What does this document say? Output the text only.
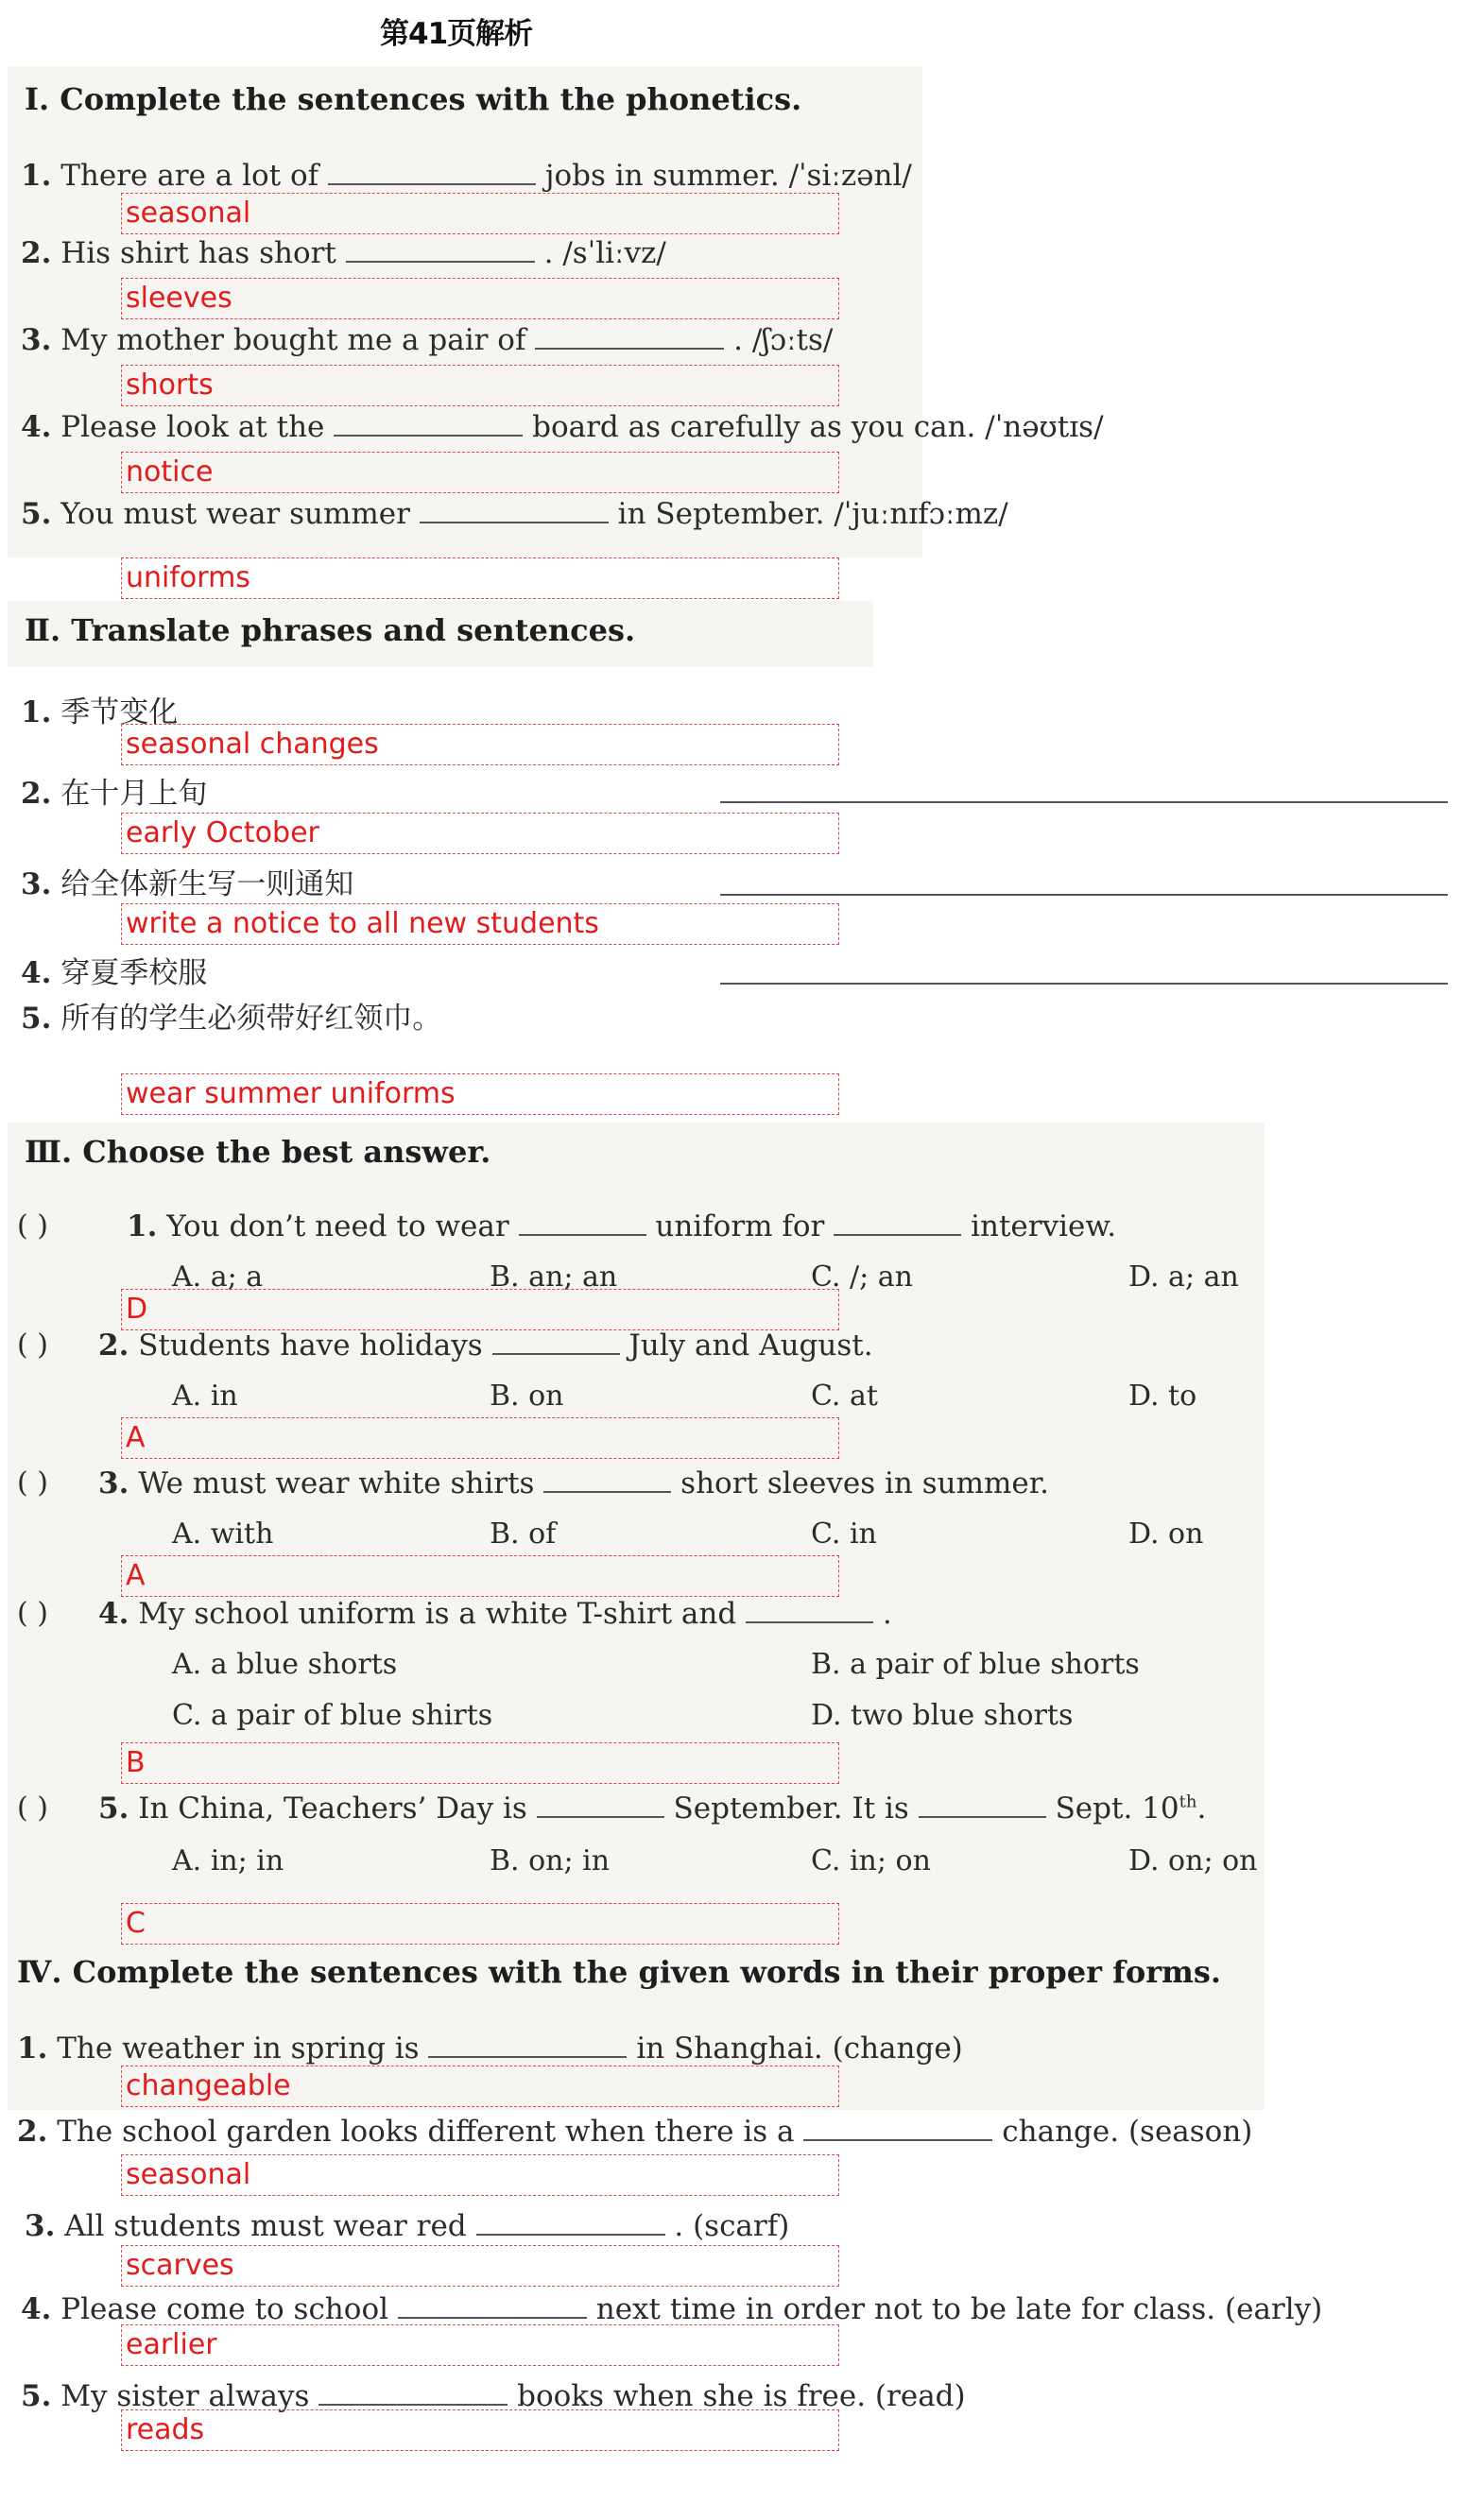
第41页解析
Ⅰ. Complete the sentences with the phonetics.
1. There are a lot of	jobs in summer. /ˈsiːzənl/
seasonal
2. His shirt has short	. /sˈliːvz/
sleeves
3. My mother bought me a pair of	. /ʃɔːts/
shorts
4. Please look at the	board as carefully as you can. /ˈnəʊtɪs/
notice
5. You must wear summer	in September. /ˈjuːnɪfɔːmz/
uniforms
Ⅱ. Translate phrases and sentences.
1. 季节变化
seasonal changes
2. 在十月上旬
early October
3. 给全体新生写一则通知
write a notice to all new students
4. 穿夏季校服
5. 所有的学生必须带好红领巾。
wear summer uniforms
Ⅲ. Choose the best answer.
( )	1. You don’t need to wear	uniform for	interview.
A. a; a	B. an; an	C. /; an	D. a; an
D
( ) 2. Students have holidays	July and August.
A. in	B. on	C. at	D. to
A
( ) 3. We must wear white shirts	short sleeves in summer.
A. with	B. of	C. in	D. on
A
( ) 4. My school uniform is a white T-shirt and	.
A. a blue shorts	B. a pair of blue shorts
C. a pair of blue shirts	D. two blue shorts
B
( ) 5. In China, Teachers’ Day is	September. It is	Sept. 10th.
A. in; in	B. on; in	C. in; on	D. on; on
C
Ⅳ. Complete the sentences with the given words in their proper forms.
1. The weather in spring is	in Shanghai. (change)
changeable
2. The school garden looks different when there is a	change. (season)
seasonal
3. All students must wear red	. (scarf)
scarves
4. Please come to school	next time in order not to be late for class. (early)
earlier
5. My sister always	books when she is free. (read)
reads
